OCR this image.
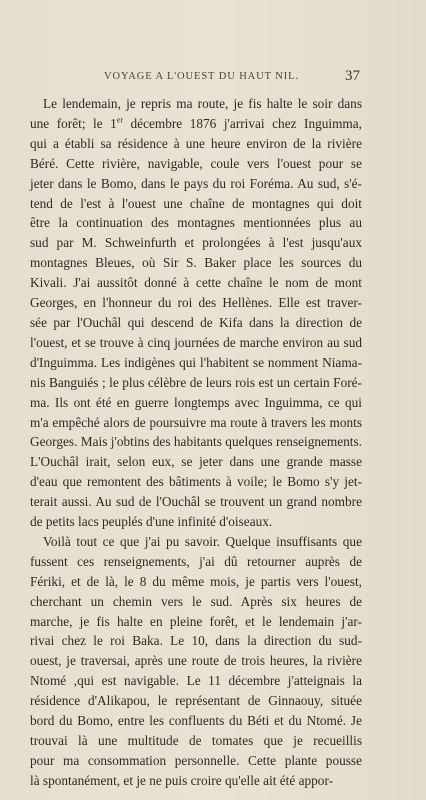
VOYAGE A L'OUEST DU HAUT NIL.	37

Le lendemain, je repris ma route, je fis halte le soir dans
une forêt; le 1er décembre 1876 j'arrivai chez Inguimma,
qui a établi sa résidence à une heure environ de la rivière
Béré. Cette rivière, navigable, coule vers l'ouest pour se
jeter dans le Bomo, dans le pays du roi Foréma. Au sud, s'é-
tend de l'est à l'ouest une chaîne de montagnes qui doit
être la continuation des montagnes mentionnées plus au
sud par M. Schweinfurth et prolongées à l'est jusqu'aux
montagnes Bleues, où Sir S. Baker place les sources du
Kivali. J'ai aussitôt donné à cette chaîne le nom de mont
Georges, en l'honneur du roi des Hellènes. Elle est traver-
sée par l'Ouchâl qui descend de Kifa dans la direction de
l'ouest, et se trouve à cinq journées de marche environ au sud
d'Inguimma. Les indigènes qui l'habitent se nomment Niama-
nis Banguiés ; le plus célèbre de leurs rois est un certain Foré-
ma. Ils ont été en guerre longtemps avec Inguimma, ce qui
m'a empêché alors de poursuivre ma route à travers les monts
Georges. Mais j'obtins des habitants quelques renseignements.
L'Ouchâl irait, selon eux, se jeter dans une grande masse
d'eau que remontent des bâtiments à voile; le Bomo s'y jet-
terait aussi. Au sud de l'Ouchâl se trouvent un grand nombre
de petits lacs peuplés d'une infinité d'oiseaux.

Voilà tout ce que j'ai pu savoir. Quelque insuffisants que
fussent ces renseignements, j'ai dû retourner auprès de
Fériki, et de là, le 8 du même mois, je partis vers l'ouest,
cherchant un chemin vers le sud. Après six heures de
marche, je fis halte en pleine forêt, et le lendemain j'ar-
rivai chez le roi Baka. Le 10, dans la direction du sud-
ouest, je traversai, après une route de trois heures, la rivière
Ntomé ,qui est navigable. Le 11 décembre j'atteignais la
résidence d'Alikapou, le représentant de Ginnaouy, située
bord du Bomo, entre les confluents du Béti et du Ntomé. Je
trouvai là une multitude de tomates que je recueillis
pour ma consommation personnelle. Cette plante pousse
là spontanément, et je ne puis croire qu'elle ait été appor-
